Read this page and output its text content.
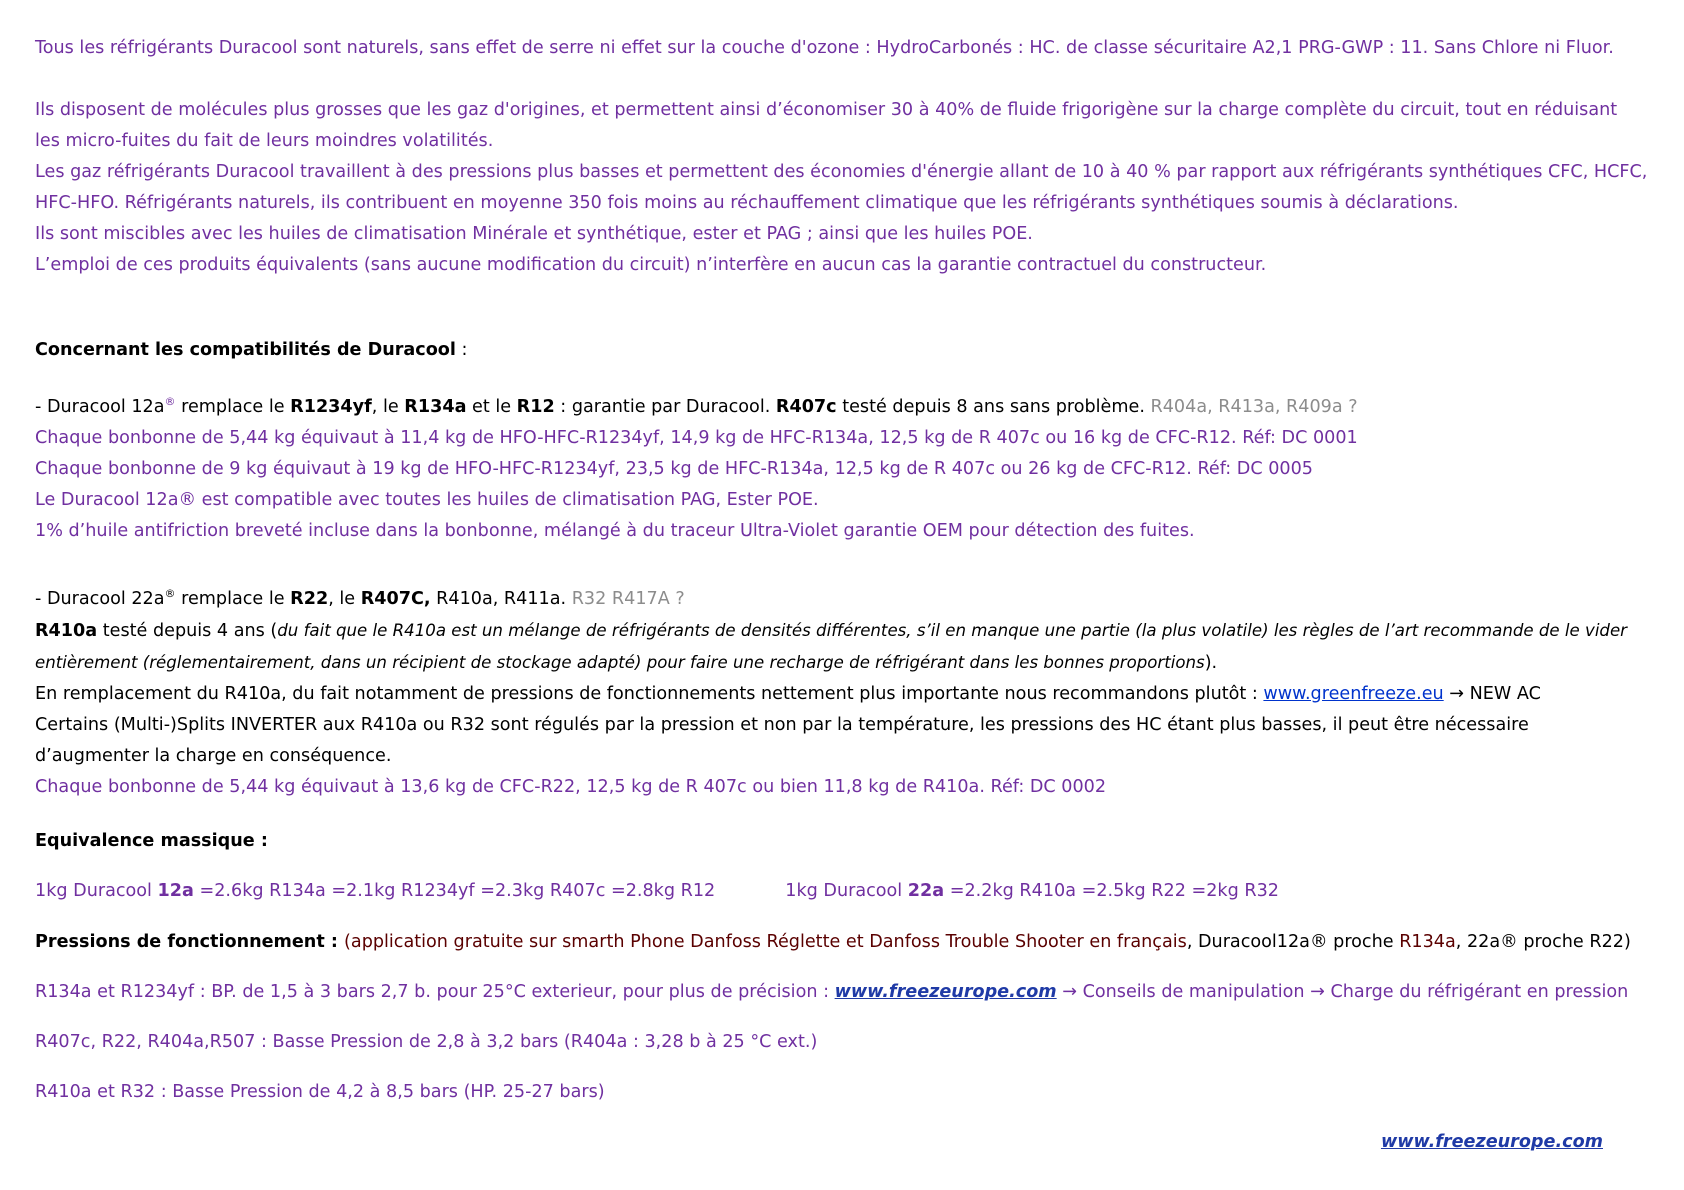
Tous les réfrigérants Duracool sont naturels, sans effet de serre ni effet sur la couche d'ozone : HydroCarbonés : HC. de classe sécuritaire A2,1 PRG-GWP : 11. Sans Chlore ni Fluor.
Ils disposent de molécules plus grosses que les gaz d'origines, et permettent ainsi d’économiser 30 à 40% de fluide frigorigène sur la charge complète du circuit, tout en réduisant
les micro-fuites du fait de leurs moindres volatilités.
Les gaz réfrigérants Duracool travaillent à des pressions plus basses et permettent des économies d'énergie allant de 10 à 40 % par rapport aux réfrigérants synthétiques CFC, HCFC,
HFC-HFO. Réfrigérants naturels, ils contribuent en moyenne 350 fois moins au réchauffement climatique que les réfrigérants synthétiques soumis à déclarations.
Ils sont miscibles avec les huiles de climatisation Minérale et synthétique, ester et PAG ; ainsi que les huiles POE.
L’emploi de ces produits équivalents (sans aucune modification du circuit) n’interfère en aucun cas la garantie contractuel du constructeur.
Concernant les compatibilités de Duracool :
- Duracool 12a® remplace le R1234yf, le R134a et le R12 : garantie par Duracool. R407c testé depuis 8 ans sans problème. R404a, R413a, R409a ?
Chaque bonbonne de 5,44 kg équivaut à 11,4 kg de HFO-HFC-R1234yf, 14,9 kg de HFC-R134a, 12,5 kg de R 407c ou 16 kg de CFC-R12. Réf: DC 0001
Chaque bonbonne de 9 kg équivaut à 19 kg de HFO-HFC-R1234yf, 23,5 kg de HFC-R134a, 12,5 kg de R 407c ou 26 kg de CFC-R12. Réf: DC 0005
Le Duracool 12a® est compatible avec toutes les huiles de climatisation PAG, Ester POE.
1% d’huile antifriction breveté incluse dans la bonbonne, mélangé à du traceur Ultra-Violet garantie OEM pour détection des fuites.
- Duracool 22a® remplace le R22, le R407C, R410a, R411a. R32 R417A ?
R410a testé depuis 4 ans (du fait que le R410a est un mélange de réfrigérants de densités différentes, s’il en manque une partie (la plus volatile) les règles de l’art recommande de le vider
entièrement (réglementairement, dans un récipient de stockage adapté) pour faire une recharge de réfrigérant dans les bonnes proportions).
En remplacement du R410a, du fait notamment de pressions de fonctionnements nettement plus importante nous recommandons plutôt : www.greenfreeze.eu → NEW AC
Certains (Multi-)Splits INVERTER aux R410a ou R32 sont régulés par la pression et non par la température, les pressions des HC étant plus basses, il peut être nécessaire
d’augmenter la charge en conséquence.
Chaque bonbonne de 5,44 kg équivaut à 13,6 kg de CFC-R22, 12,5 kg de R 407c ou bien 11,8 kg de R410a. Réf: DC 0002
Equivalence massique :
1kg Duracool 12a =2.6kg R134a =2.1kg R1234yf =2.3kg R407c =2.8kg R12	1kg Duracool 22a =2.2kg R410a =2.5kg R22 =2kg R32
Pressions de fonctionnement : (application gratuite sur smarth Phone Danfoss Réglette et Danfoss Trouble Shooter en français, Duracool12a® proche R134a, 22a® proche R22)
R134a et R1234yf : BP. de 1,5 à 3 bars 2,7 b. pour 25°C exterieur, pour plus de précision : www.freezeurope.com → Conseils de manipulation → Charge du réfrigérant en pression
R407c, R22, R404a,R507 : Basse Pression de 2,8 à 3,2 bars (R404a : 3,28 b à 25 °C ext.)
R410a et R32 : Basse Pression de 4,2 à 8,5 bars (HP. 25-27 bars)
www.freezeurope.com
